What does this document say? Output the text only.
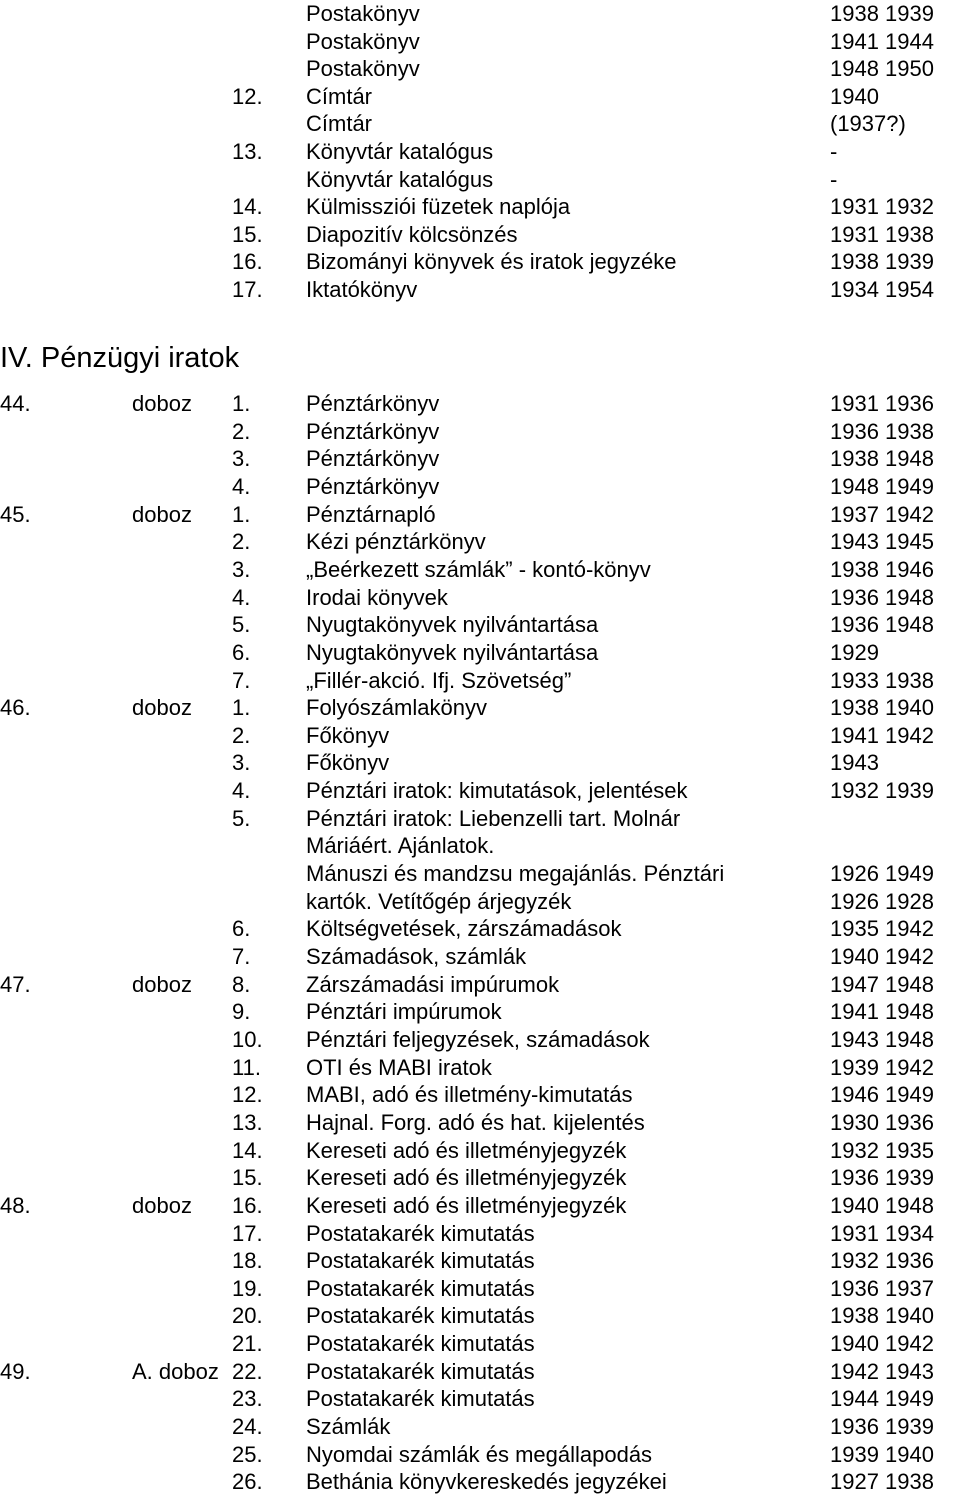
Postakönyv	1938 1939
Postakönyv	1941 1944
Postakönyv	1948 1950
12. Címtár	1940
Címtár	(1937?)
13. Könyvtár katalógus	-
Könyvtár katalógus	-
14. Külmissziói füzetek naplója	1931 1932
15. Diapozitív kölcsönzés	1931 1938
16. Bizományi könyvek és iratok jegyzéke	1938 1939
17. Iktatókönyv	1934 1954
IV. Pénzügyi iratok
44.	doboz 1.	Pénztárkönyv	1931 1936
2.	Pénztárkönyv	1936 1938
3.	Pénztárkönyv	1938 1948
4.	Pénztárkönyv	1948 1949
45.	doboz 1.	Pénztárnapló	1937 1942
2.	Kézi pénztárkönyv	1943 1945
3.	„Beérkezett számlák” - kontó-könyv	1938 1946
4.	Irodai könyvek	1936 1948
5.	Nyugtakönyvek nyilvántartása	1936 1948
6.	Nyugtakönyvek nyilvántartása	1929
7.	„Fillér-akció. Ifj. Szövetség”	1933 1938
46.	doboz 1.	Folyószámlakönyv	1938 1940
2.	Főkönyv	1941 1942
3.	Főkönyv	1943
4.	Pénztári iratok: kimutatások, jelentések	1932 1939
5.	Pénztári iratok: Liebenzelli tart. Molnár
Máriáért. Ajánlatok.
Mánuszi és mandzsu megajánlás. Pénztári	1926 1949
kartók. Vetítőgép árjegyzék	1926 1928
6.	Költségvetések, zárszámadások	1935 1942
7.	Számadások, számlák	1940 1942
47.	doboz 8.	Zárszámadási impúrumok	1947 1948
9.	Pénztári impúrumok	1941 1948
10. Pénztári feljegyzések, számadások	1943 1948
11. OTI és MABI iratok	1939 1942
12. MABI, adó és illetmény-kimutatás	1946 1949
13. Hajnal. Forg. adó és hat. kijelentés	1930 1936
14. Kereseti adó és illetményjegyzék	1932 1935
15. Kereseti adó és illetményjegyzék	1936 1939
48.	doboz 16. Kereseti adó és illetményjegyzék	1940 1948
17. Postatakarék kimutatás	1931 1934
18. Postatakarék kimutatás	1932 1936
19. Postatakarék kimutatás	1936 1937
20. Postatakarék kimutatás	1938 1940
21. Postatakarék kimutatás	1940 1942
49.	A. doboz 22. Postatakarék kimutatás	1942 1943
23. Postatakarék kimutatás	1944 1949
24. Számlák	1936 1939
25. Nyomdai számlák és megállapodás	1939 1940
26. Bethánia könyvkereskedés jegyzékei	1927 1938
